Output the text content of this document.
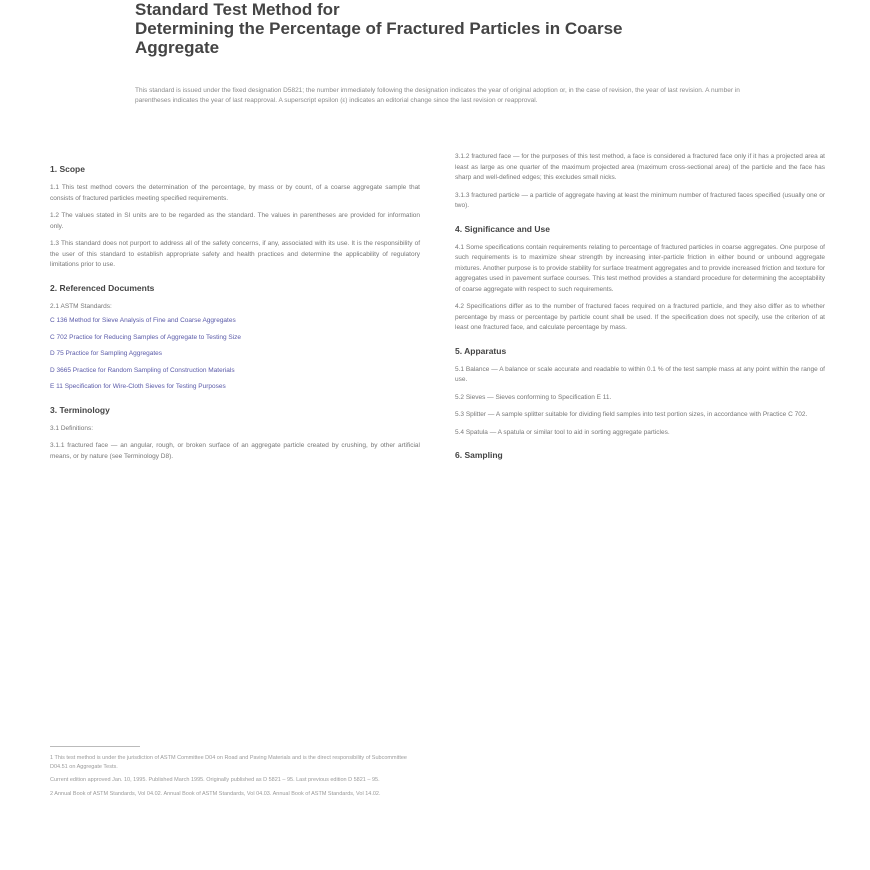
Standard Test Method for
Determining the Percentage of Fractured Particles in Coarse
Aggregate
This standard is issued under the fixed designation D5821; the number immediately following the designation indicates the year of original adoption or, in the case of revision, the year of last revision. A number in parentheses indicates the year of last reapproval. A superscript epsilon (ε) indicates an editorial change since the last revision or reapproval.
1. Scope
1.1 This test method covers the determination of the percentage, by mass or by count, of a coarse aggregate sample that consists of fractured particles meeting specified requirements.
1.2 The values stated in SI units are to be regarded as the standard. The values in parentheses are provided for information only.
1.3 This standard does not purport to address all of the safety concerns, if any, associated with its use. It is the responsibility of the user of this standard to establish appropriate safety and health practices and determine the applicability of regulatory limitations prior to use.
2. Referenced Documents
2.1 ASTM Standards:
C 136 Method for Sieve Analysis of Fine and Coarse Aggregates
C 702 Practice for Reducing Samples of Aggregate to Testing Size
D 75 Practice for Sampling Aggregates
D 3665 Practice for Random Sampling of Construction Materials
E 11 Specification for Wire-Cloth Sieves for Testing Purposes
3. Terminology
3.1 Definitions:
3.1.1 fractured face — an angular, rough, or broken surface of an aggregate particle created by crushing, by other artificial means, or by nature (see Terminology D8).
1 This test method is under the jurisdiction of ASTM Committee D04 on Road and Paving Materials and is the direct responsibility of Subcommittee D04.51 on Aggregate Tests.
Current edition approved Jan. 10, 1995. Published March 1995. Originally published as D 5821 – 95. Last previous edition D 5821 – 95.
2 Annual Book of ASTM Standards, Vol 04.02. Annual Book of ASTM Standards, Vol 04.03. Annual Book of ASTM Standards, Vol 14.02.
3.1.2 fractured face — for the purposes of this test method, a face is considered a fractured face only if it has a projected area at least as large as one quarter of the maximum projected area (maximum cross-sectional area) of the particle and the face has sharp and well-defined edges; this excludes small nicks.
3.1.3 fractured particle — a particle of aggregate having at least the minimum number of fractured faces specified (usually one or two).
4. Significance and Use
4.1 Some specifications contain requirements relating to percentage of fractured particles in coarse aggregates. One purpose of such requirements is to maximize shear strength by increasing inter-particle friction in either bound or unbound aggregate mixtures. Another purpose is to provide stability for surface treatment aggregates and to provide increased friction and texture for aggregates used in pavement surface courses. This test method provides a standard procedure for determining the acceptability of coarse aggregate with respect to such requirements.
4.2 Specifications differ as to the number of fractured faces required on a fractured particle, and they also differ as to whether percentage by mass or percentage by particle count shall be used. If the specification does not specify, use the criterion of at least one fractured face, and calculate percentage by mass.
5. Apparatus
5.1 Balance — A balance or scale accurate and readable to within 0.1 % of the test sample mass at any point within the range of use.
5.2 Sieves — Sieves conforming to Specification E 11.
5.3 Splitter — A sample splitter suitable for dividing field samples into test portion sizes, in accordance with Practice C 702.
5.4 Spatula — A spatula or similar tool to aid in sorting aggregate particles.
6. Sampling
